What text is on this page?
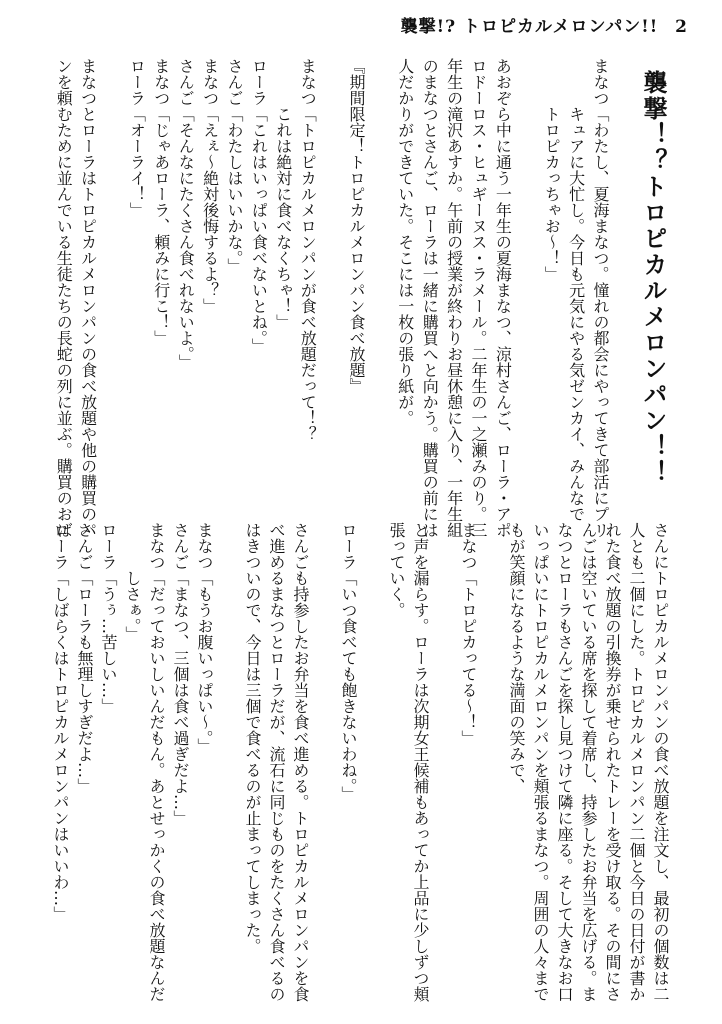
襲撃!? トロピカルメロンパン!! 2
襲撃！？トロピカルメロンパン！！
まなつ「わたし、夏海まなつ。憧れの都会にやってきて部活にプリ
　　　キュアに大忙し。今日も元気にやる気ゼンカイ、みんなで
　　　トロピカっちゃお〜！」
あおぞら中に通う一年生の夏海まなつ、涼村さんご、ローラ・アポ
ロドーロス・ヒュギーヌス・ラメール。二年生の一之瀬みのり。三
年生の滝沢あすか。午前の授業が終わりお昼休憩に入り、一年生組
のまなつとさんご、ローラは一緒に購買へと向かう。購買の前には
人だかりができていた。そこには一枚の張り紙が。
『期間限定！トロピカルメロンパン食べ放題』
まなつ「トロピカルメロンパンが食べ放題だって！？
　　　これは絶対に食べなくちゃ！」
ローラ「これはいっぱい食べないとね。」
さんご「わたしはいいかな。」
まなつ「えぇ〜絶対後悔するよ？」
さんご「そんなにたくさん食べれないよ。」
まなつ「じゃあローラ、頼みに行こ！」
ローラ「オーライ！」
まなつとローラはトロピカルメロンパンの食べ放題や他の購買のパ
ンを頼むために並んでいる生徒たちの長蛇の列に並ぶ。購買のおば
さんにトロピカルメロンパンの食べ放題を注文し、最初の個数は二
人とも二個にした。トロピカルメロンパン二個と今日の日付が書か
れた食べ放題の引換券が乗せられたトレーを受け取る。その間にさ
んごは空いている席を探して着席し、持参したお弁当を広げる。ま
なつとローラもさんごを探し見つけて隣に座る。そして大きなお口
いっぱいにトロピカルメロンパンを頬張るまなつ。周囲の人々まで
もが笑顔になるような満面の笑みで、
まなつ「トロピカってる〜！」
と声を漏らす。ローラは次期女王候補もあってか上品に少しずつ頬
張っていく。
ローラ「いつ食べても飽きないわね。」
さんごも持参したお弁当を食べ進める。トロピカルメロンパンを食
べ進めるまなつとローラだが、流石に同じものをたくさん食べるの
はきついので、今日は三個で食べるのが止まってしまった。
まなつ「もうお腹いっぱい〜。」
さんご「まなつ、三個は食べ過ぎだよ…」
まなつ「だっておいしいんだもん。あとせっかくの食べ放題なんだ
　　　しさぁ。」
ローラ「うぅ…苦しい…」
さんご「ローラも無理しすぎだよ…」
ローラ「しばらくはトロピカルメロンパンはいいわ…」
